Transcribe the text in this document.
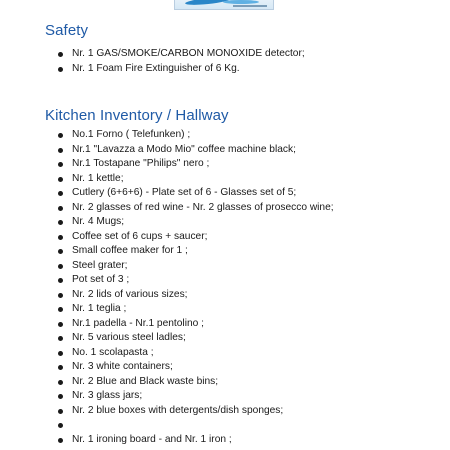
Safety
Nr. 1 GAS/SMOKE/CARBON MONOXIDE detector;
Nr. 1 Foam Fire Extinguisher of 6 Kg.
Kitchen Inventory / Hallway
No.1 Forno ( Telefunken) ;
Nr.1 "Lavazza a Modo Mio" coffee machine black;
Nr.1 Tostapane "Philips" nero ;
Nr. 1 kettle;
Cutlery (6+6+6) - Plate set of 6 - Glasses set of 5;
Nr. 2 glasses of red wine - Nr. 2 glasses of prosecco wine;
Nr. 4 Mugs;
Coffee set of 6 cups + saucer;
Small coffee maker for 1 ;
Steel grater;
Pot set of 3 ;
Nr. 2 lids of various sizes;
Nr. 1 teglia ;
Nr.1 padella - Nr.1 pentolino ;
Nr. 5 various steel ladles;
No. 1 scolapasta ;
Nr. 3 white containers;
Nr. 2 Blue and Black waste bins;
Nr. 3 glass jars;
Nr. 2 blue boxes with detergents/dish sponges;
Nr. 1 ironing board - and Nr. 1 iron ;
